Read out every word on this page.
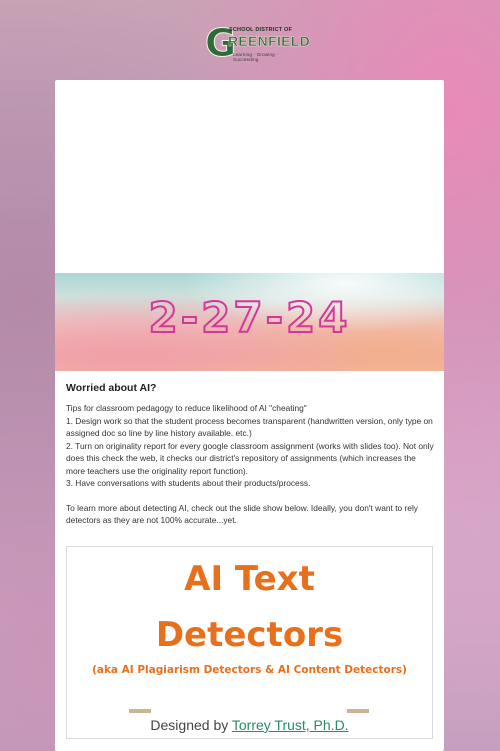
G
SCHOOL DISTRICT OF
REENFIELD
Learning · Growing · Succeeding
2-27-24
Worried about AI?
Tips for classroom pedagogy to reduce likelihood of AI "cheating"
1. Design work so that the student process becomes transparent (handwritten version, only type on assigned doc so line by line history available. etc.)
2. Turn on originality report for every google classroom assignment (works with slides too). Not only does this check the web, it checks our district's repository of assignments (which increases the more teachers use the originality report function).
3. Have conversations with students about their products/process.
To learn more about detecting AI, check out the slide show below. Ideally, you don't want to rely detectors as they are not 100% accurate...yet.
AI Text
Detectors
(aka AI Plagiarism Detectors & AI Content Detectors)
Designed by Torrey Trust, Ph.D.
